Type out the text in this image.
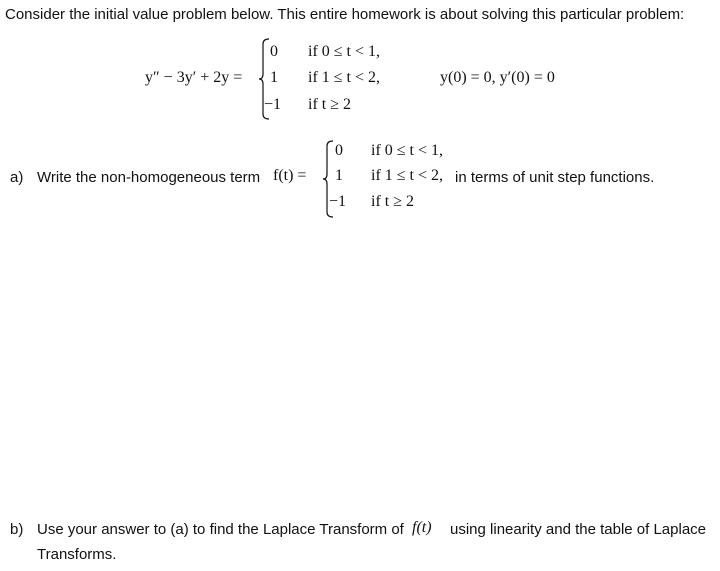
Consider the initial value problem below. This entire homework is about solving this particular problem:
y″ − 3y′ + 2y =
0 if 0 ≤ t < 1,
1 if 1 ≤ t < 2,
−1 if t ≥ 2
y(0) = 0, y′(0) = 0
a) Write the non-homogeneous term f(t) =
0 if 0 ≤ t < 1,
1 if 1 ≤ t < 2,
−1 if t ≥ 2
in terms of unit step functions.
b) Use your answer to (a) to find the Laplace Transform of f(t) using linearity and the table of Laplace
Transforms.
